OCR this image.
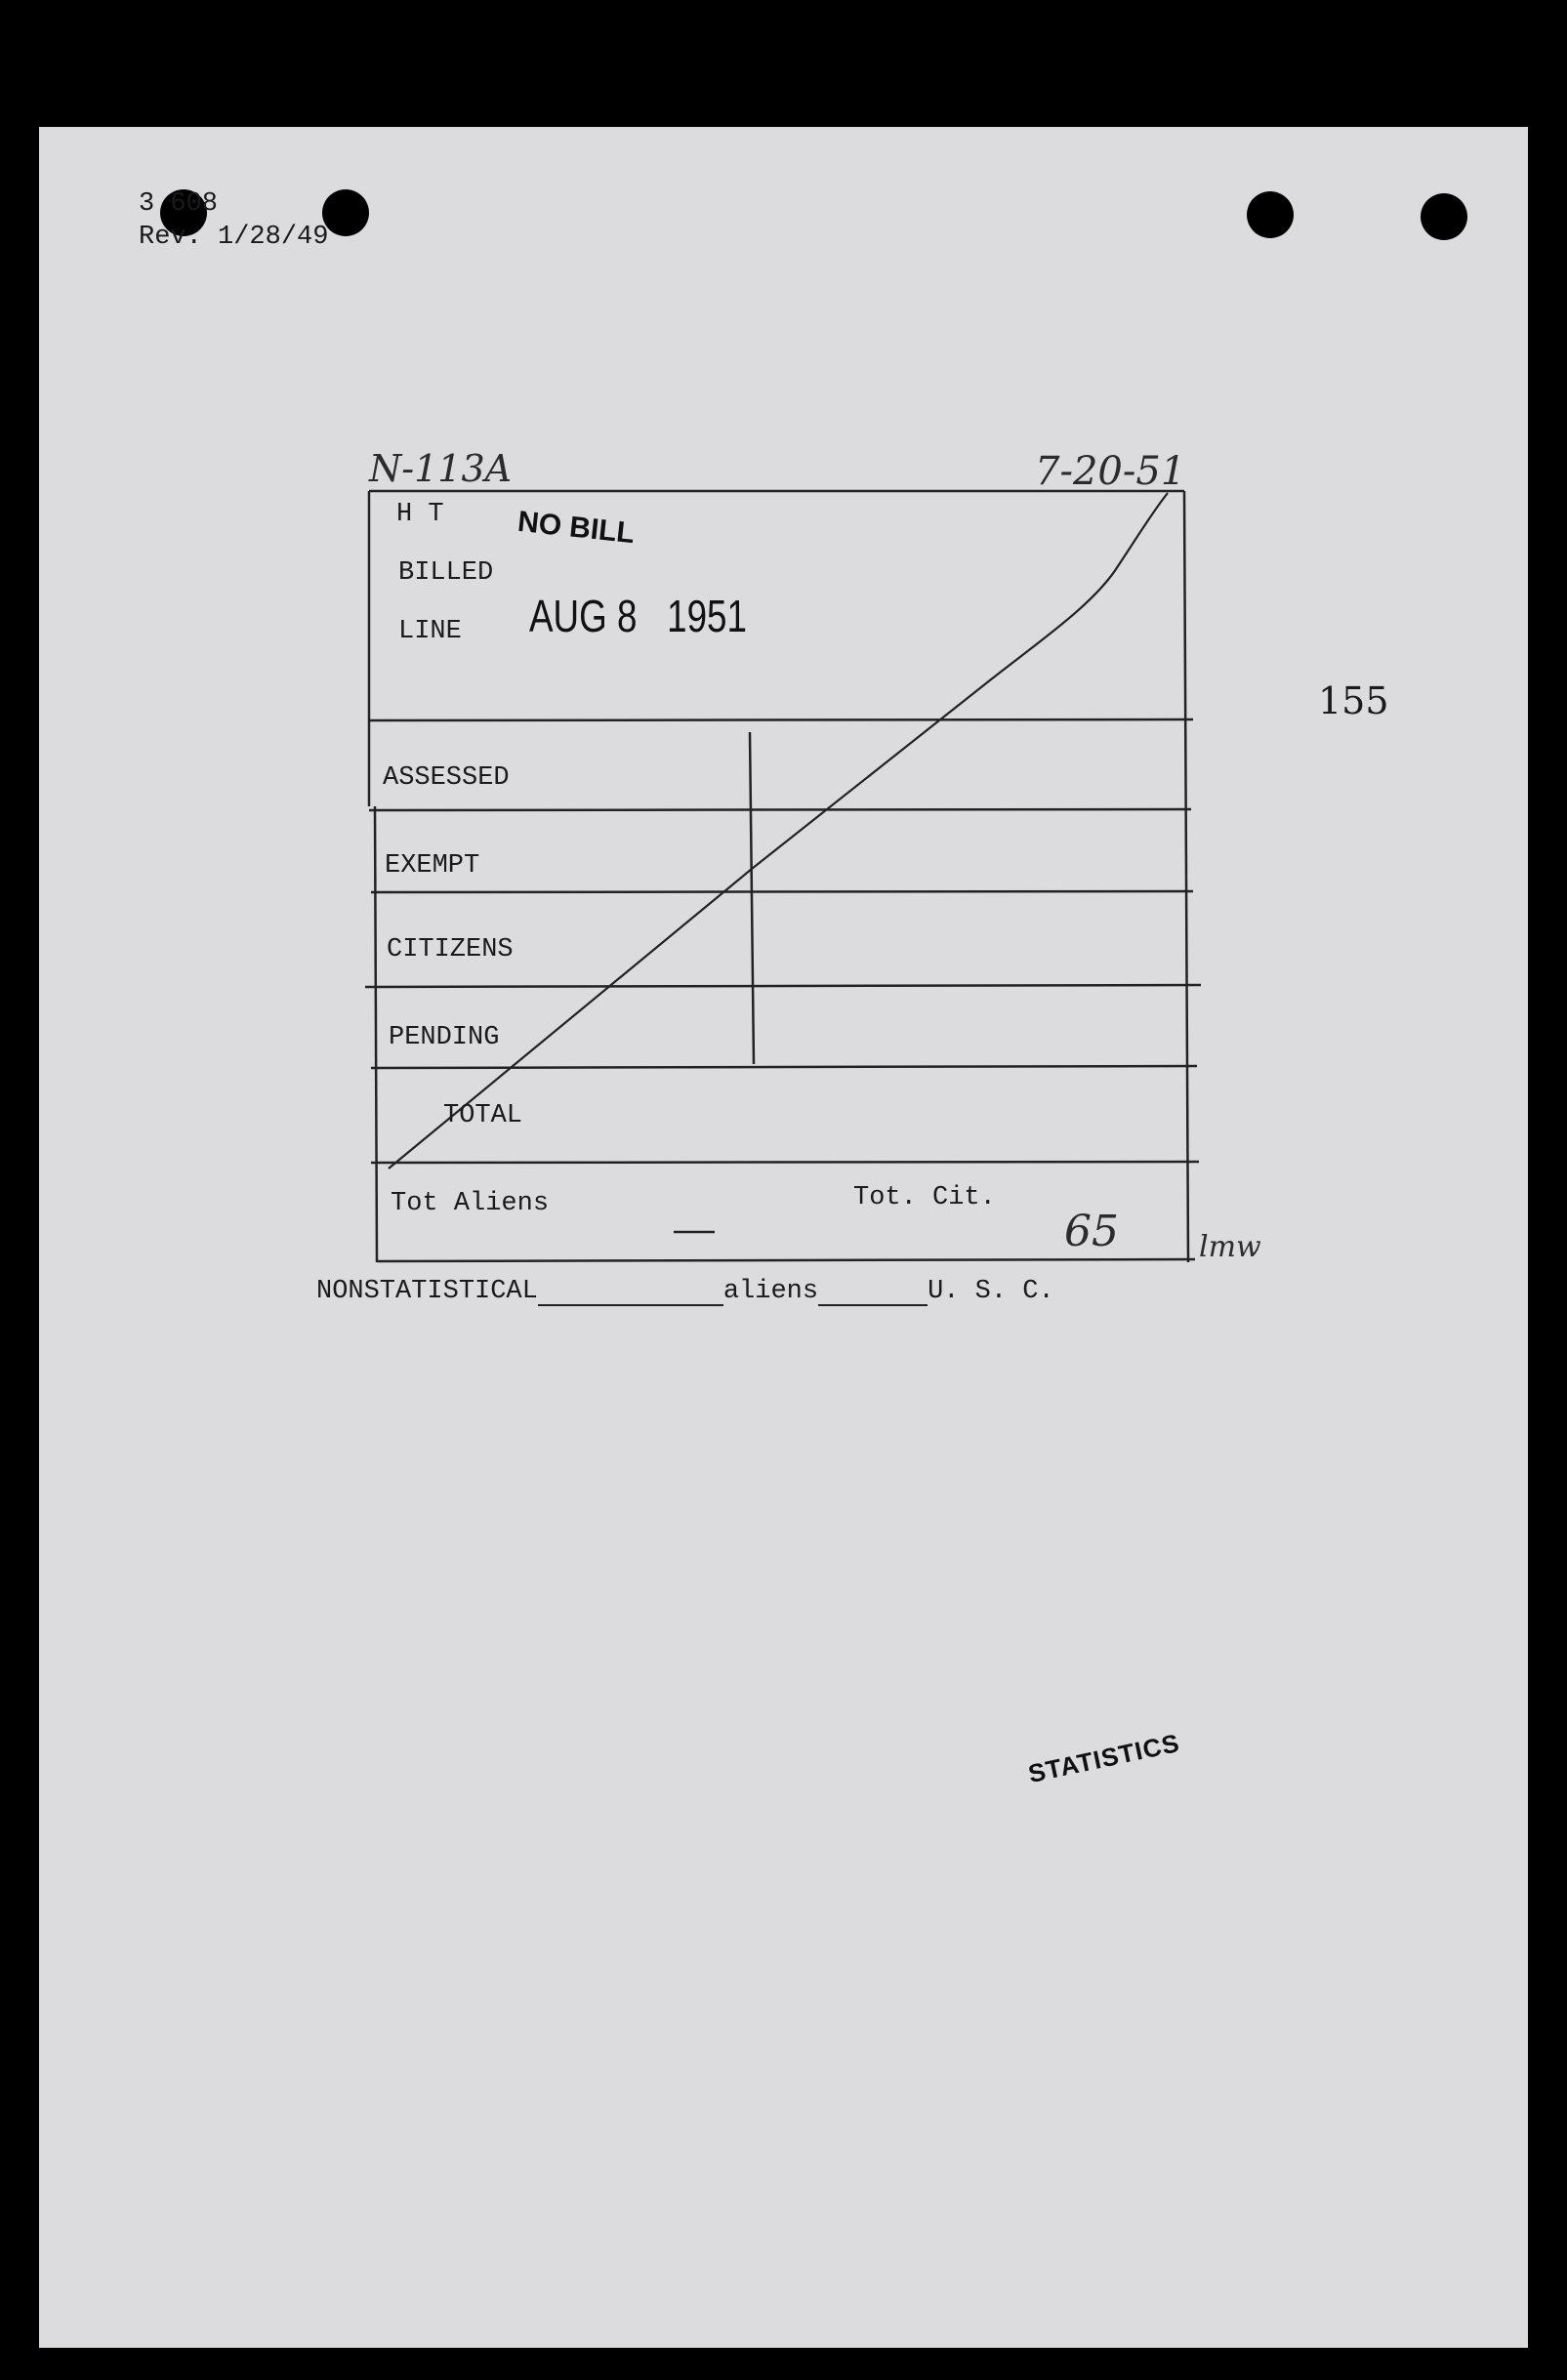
3 608
Rev. 1/28/49
N-113A	7-20-51
155
H T
BILLED
LINE
NO BILL
AUG 8   1951
ASSESSED
EXEMPT
CITIZENS
PENDING
TOTAL
Tot Aliens	Tot. Cit.
65	lmw
NONSTATISTICAL	aliens	U. S. C.
STATISTICS
